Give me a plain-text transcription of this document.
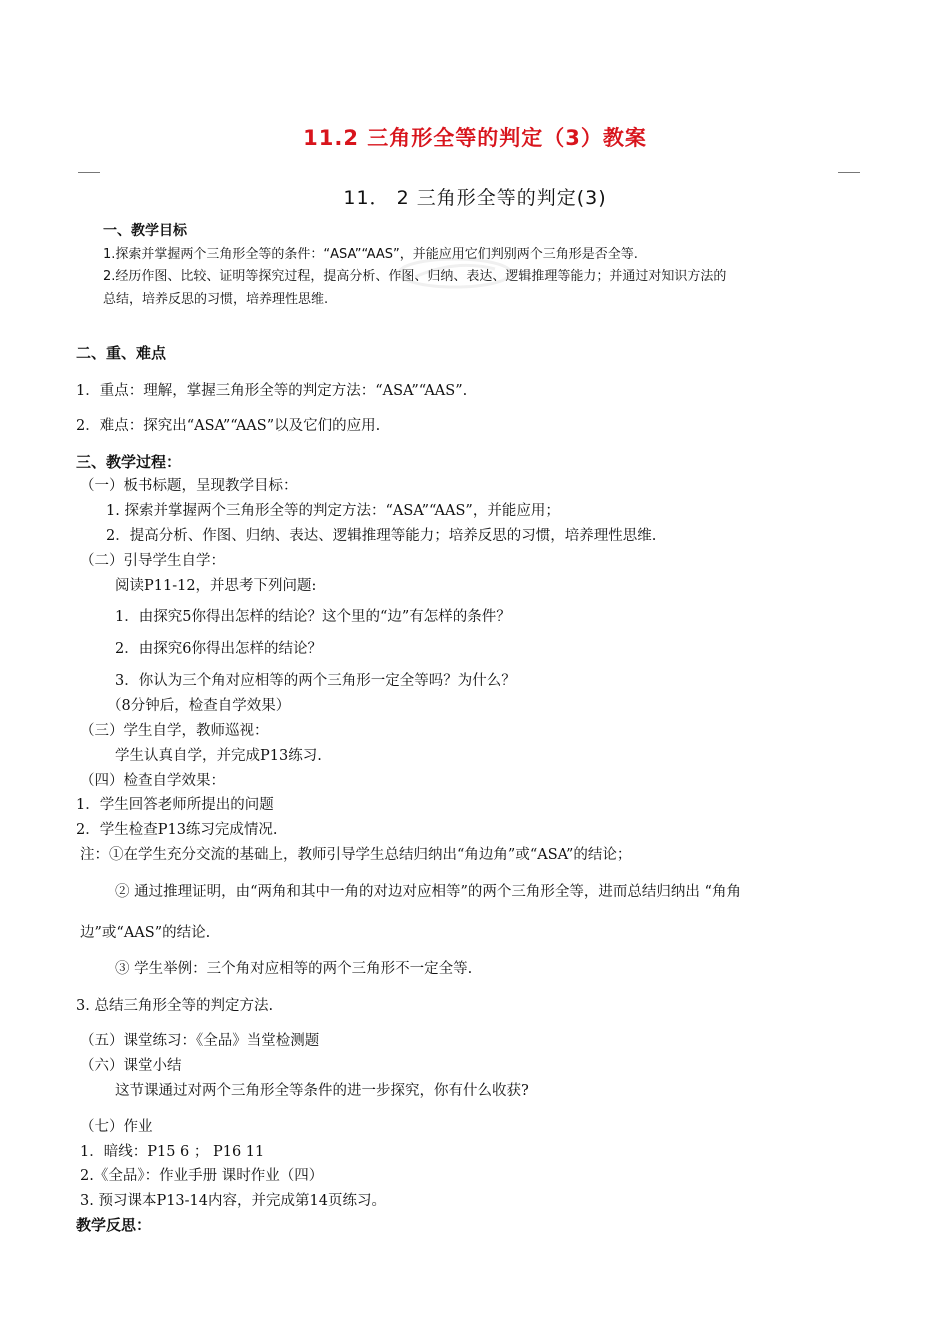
11.2 三角形全等的判定（3）教案
11． 2 三角形全等的判定(3)
一、教学目标
1.探索并掌握两个三角形全等的条件：“ASA”“AAS”，并能应用它们判别两个三角形是否全等.
2.经历作图、比较、证明等探究过程，提高分析、作图、归纳、表达、逻辑推理等能力；并通过对知识方法的
总结，培养反思的习惯，培养理性思维.
二、重、难点
1．重点：理解，掌握三角形全等的判定方法：“ASA”“AAS”.
2．难点：探究出“ASA”“AAS”以及它们的应用.
三、教学过程：
（一）板书标题，呈现教学目标：
1. 探索并掌握两个三角形全等的判定方法：“ASA”“AAS”，并能应用；
2．提高分析、作图、归纳、表达、逻辑推理等能力；培养反思的习惯，培养理性思维.
（二）引导学生自学：
阅读P11-12，并思考下列问题:
1．由探究5你得出怎样的结论？这个里的“边”有怎样的条件？
2．由探究6你得出怎样的结论？
3．你认为三个角对应相等的两个三角形一定全等吗？为什么？
（8分钟后，检查自学效果）
（三）学生自学，教师巡视：
学生认真自学，并完成P13练习.
（四）检查自学效果：
1．学生回答老师所提出的问题
2．学生检查P13练习完成情况.
注：①在学生充分交流的基础上，教师引导学生总结归纳出“角边角”或“ASA”的结论；
② 通过推理证明，由“两角和其中一角的对边对应相等”的两个三角形全等，进而总结归纳出 “角角
边”或“AAS”的结论.
③ 学生举例：三个角对应相等的两个三角形不一定全等.
3. 总结三角形全等的判定方法.
（五）课堂练习：《全品》当堂检测题
（六）课堂小结
这节课通过对两个三角形全等条件的进一步探究，你有什么收获?
（七）作业
1．暗线：P15 6 ； P16 11
2.《全品》：作业手册 课时作业（四）
3. 预习课本P13-14内容，并完成第14页练习。
教学反思：
